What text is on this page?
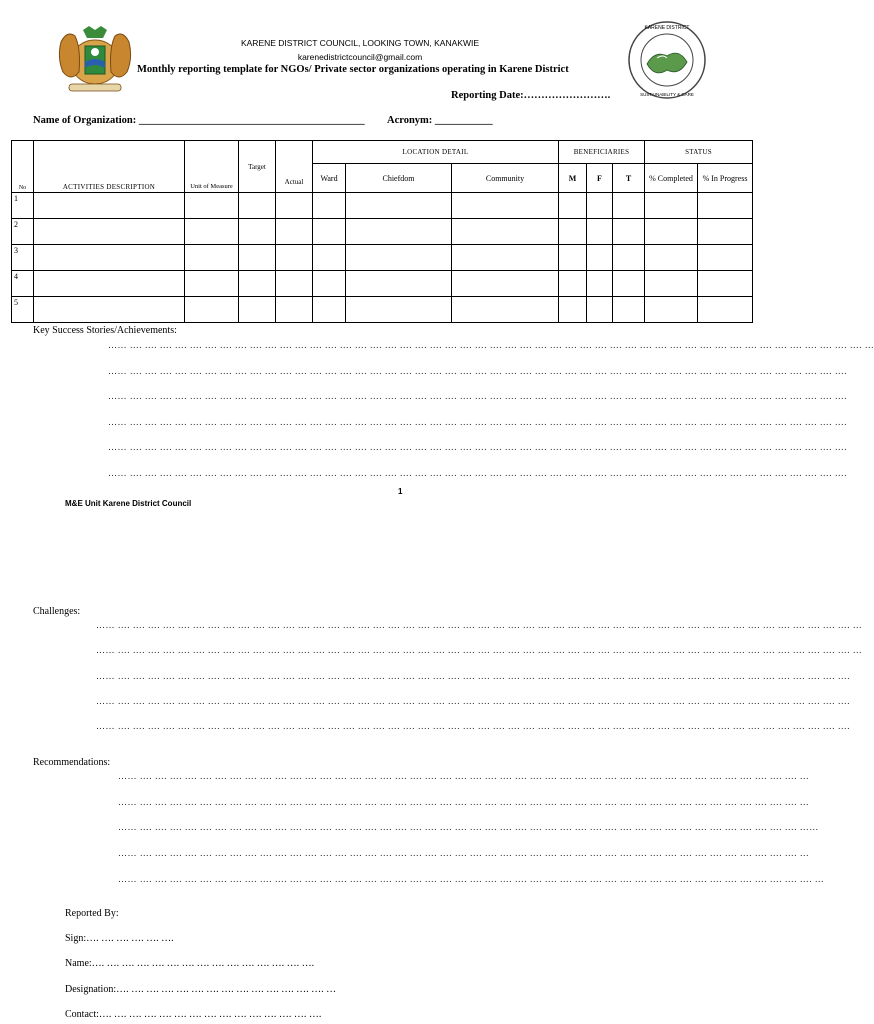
KARENE DISTRICT
SUSTAINABILITY & CARE
KARENE DISTRICT COUNCIL, LOOKING TOWN, KANAKWIE
karenedistrictcouncil@gmail.com
Monthly reporting template for NGOs/ Private sector organizations operating in Karene District
Reporting Date:…………………….
Name of Organization: ___________________________________________ Acronym: ___________
No	ACTIVITIES DESCRIPTION	Unit of Measure	Target	Actual	LOCATION DETAIL			BENEFICIARIES			STATUS	
					Ward	Chiefdom	Community	M	F	T	% Completed	% In Progress
1												
2												
3												
4												
5												
Key Success Stories/Achievements:
…… …. …. …. …. …. …. …. …. …. …. …. …. …. …. …. …. …. …. …. …. …. …. …. …. …. …. …. …. …. …. …. …. …. …. …. …. …. …. …. …. …. …. …. …. …. …. …. …. …. …
…… …. …. …. …. …. …. …. …. …. …. …. …. …. …. …. …. …. …. …. …. …. …. …. …. …. …. …. …. …. …. …. …. …. …. …. …. …. …. …. …. …. …. …. …. …. …. …. ….
…… …. …. …. …. …. …. …. …. …. …. …. …. …. …. …. …. …. …. …. …. …. …. …. …. …. …. …. …. …. …. …. …. …. …. …. …. …. …. …. …. …. …. …. …. …. …. …. ….
…… …. …. …. …. …. …. …. …. …. …. …. …. …. …. …. …. …. …. …. …. …. …. …. …. …. …. …. …. …. …. …. …. …. …. …. …. …. …. …. …. …. …. …. …. …. …. …. ….
…… …. …. …. …. …. …. …. …. …. …. …. …. …. …. …. …. …. …. …. …. …. …. …. …. …. …. …. …. …. …. …. …. …. …. …. …. …. …. …. …. …. …. …. …. …. …. …. ….
…… …. …. …. …. …. …. …. …. …. …. …. …. …. …. …. …. …. …. …. …. …. …. …. …. …. …. …. …. …. …. …. …. …. …. …. …. …. …. …. …. …. …. …. …. …. …. …. ….
1
M&E Unit Karene District Council
Challenges:
…… …. …. …. …. …. …. …. …. …. …. …. …. …. …. …. …. …. …. …. …. …. …. …. …. …. …. …. …. …. …. …. …. …. …. …. …. …. …. …. …. …. …. …. …. …. …. …. …. …. …
…… …. …. …. …. …. …. …. …. …. …. …. …. …. …. …. …. …. …. …. …. …. …. …. …. …. …. …. …. …. …. …. …. …. …. …. …. …. …. …. …. …. …. …. …. …. …. …. …. …. …
…… …. …. …. …. …. …. …. …. …. …. …. …. …. …. …. …. …. …. …. …. …. …. …. …. …. …. …. …. …. …. …. …. …. …. …. …. …. …. …. …. …. …. …. …. …. …. …. …. ….
…… …. …. …. …. …. …. …. …. …. …. …. …. …. …. …. …. …. …. …. …. …. …. …. …. …. …. …. …. …. …. …. …. …. …. …. …. …. …. …. …. …. …. …. …. …. …. …. …. ….
…… …. …. …. …. …. …. …. …. …. …. …. …. …. …. …. …. …. …. …. …. …. …. …. …. …. …. …. …. …. …. …. …. …. …. …. …. …. …. …. …. …. …. …. …. …. …. …. …. ….
Recommendations:
…… …. …. …. …. …. …. …. …. …. …. …. …. …. …. …. …. …. …. …. …. …. …. …. …. …. …. …. …. …. …. …. …. …. …. …. …. …. …. …. …. …. …. …. …. …
…… …. …. …. …. …. …. …. …. …. …. …. …. …. …. …. …. …. …. …. …. …. …. …. …. …. …. …. …. …. …. …. …. …. …. …. …. …. …. …. …. …. …. …. …. …
…… …. …. …. …. …. …. …. …. …. …. …. …. …. …. …. …. …. …. …. …. …. …. …. …. …. …. …. …. …. …. …. …. …. …. …. …. …. …. …. …. …. …. …. …. ……
…… …. …. …. …. …. …. …. …. …. …. …. …. …. …. …. …. …. …. …. …. …. …. …. …. …. …. …. …. …. …. …. …. …. …. …. …. …. …. …. …. …. …. …. …. …
…… …. …. …. …. …. …. …. …. …. …. …. …. …. …. …. …. …. …. …. …. …. …. …. …. …. …. …. …. …. …. …. …. …. …. …. …. …. …. …. …. …. …. …. …. …. …
Reported By:
Sign:…. …. …. …. …. ….
Name:…. …. …. …. …. …. …. …. …. …. …. …. …. …. ….
Designation:…. …. …. …. …. …. …. …. …. …. …. …. …. …. …
Contact:…. …. …. …. …. …. …. …. …. …. …. …. …. …. ….
